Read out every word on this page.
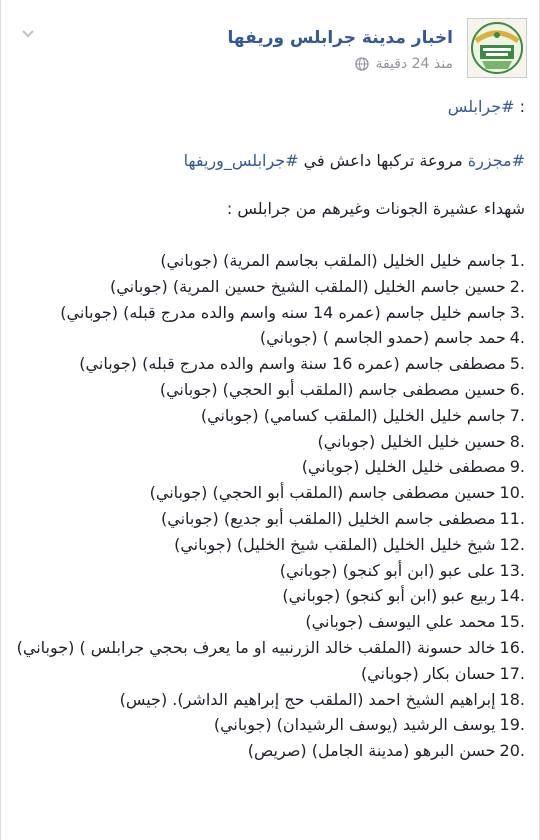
اخبار مدينة جرابلس وريفها
منذ 24 دقيقة
: #جرابلس
#مجزرة مروعة تركبها داعش في #جرابلس_وريفها
شهداء عشيرة الجونات وغيرهم من جرابلس :
1.
جاسم خليل الخليل (الملقب بجاسم المرية) (جوباني)
2.
حسين جاسم الخليل (الملقب الشيخ حسين المرية) (جوباني)
3.
جاسم خليل جاسم (عمره 14 سنه واسم والده مدرج قبله) (جوباني)
4.
حمد جاسم (حمدو الجاسم ) (جوباني)
5.
مصطفى جاسم (عمره 16 سنة واسم والده مدرج قبله) (جوباني)
6.
حسين مصطفى جاسم (الملقب أبو الحجي) (جوباني)
7.
جاسم خليل الخليل (الملقب كسامي) (جوباني)
8.
حسين خليل الخليل (جوباني)
9.
مصطفى خليل الخليل (جوباني)
10.
حسين مصطفى جاسم (الملقب أبو الحجي) (جوباني)
11.
مصطفى جاسم الخليل (الملقب أبو جديع) (جوباني)
12.
شيخ خليل الخليل (الملقب شيخ الخليل) (جوباني)
13.
على عبو (ابن أبو كنجو) (جوباني)
14.
ربيع عبو (ابن أبو كنجو) (جوباني)
15.
محمد علي اليوسف (جوباني)
16.
خالد حسونة (الملقب خالد الزرنبيه او ما يعرف بحجي جرابلس ) (جوباني)
17.
حسان بكار (جوباني)
18.
إبراهيم الشيخ احمد (الملقب حج إبراهيم الداشر). (جيس)
19.
يوسف الرشيد (يوسف الرشيدان) (جوباني)
20.
حسن البرهو (مدينة الجامل) (صريص)
